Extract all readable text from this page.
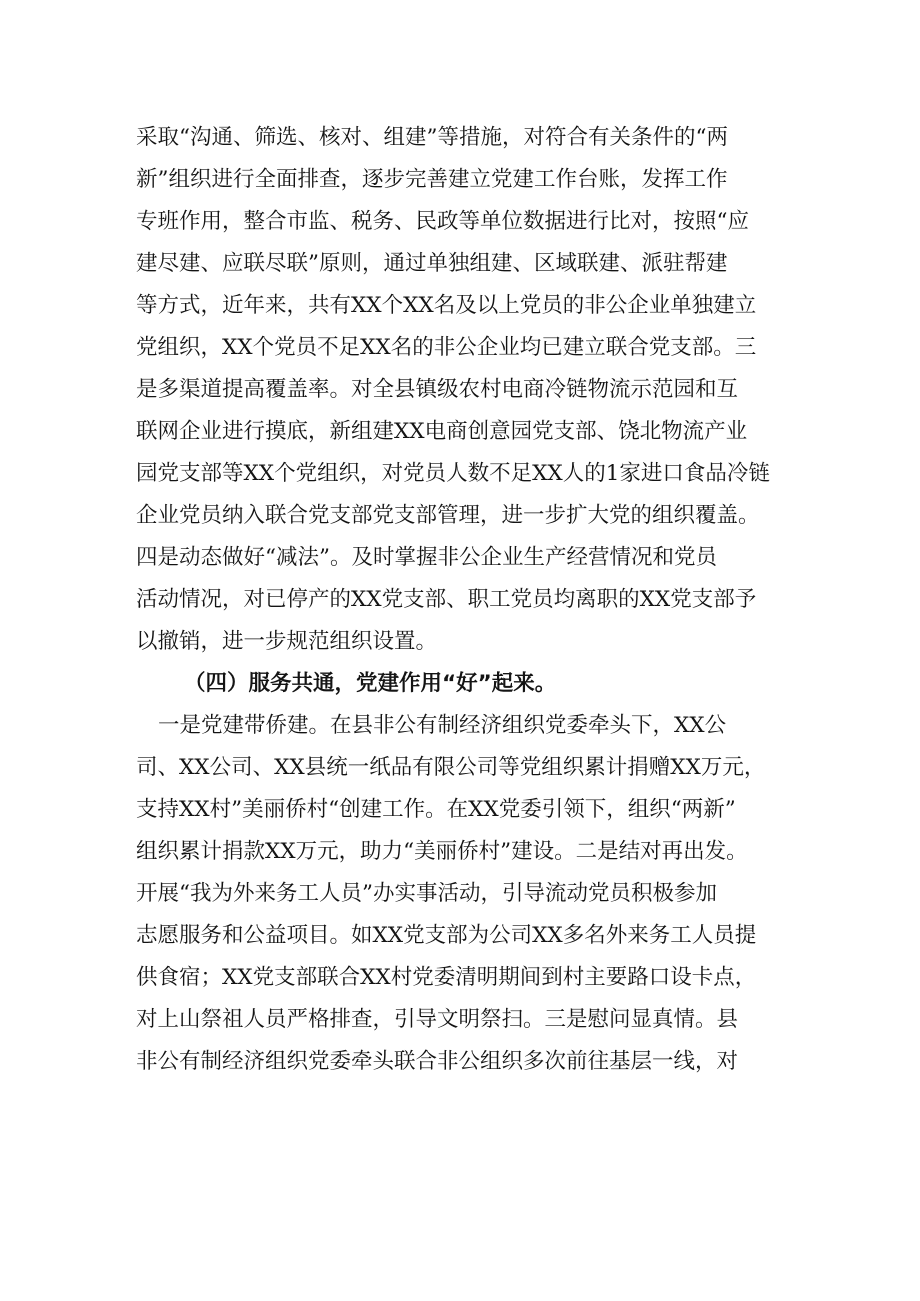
采取“沟通、筛选、核对、组建”等措施，对符合有关条件的“两
新”组织进行全面排查，逐步完善建立党建工作台账，发挥工作
专班作用，整合市监、税务、民政等单位数据进行比对，按照“应
建尽建、应联尽联”原则，通过单独组建、区域联建、派驻帮建
等方式，近年来，共有XX个XX名及以上党员的非公企业单独建立
党组织，XX个党员不足XX名的非公企业均已建立联合党支部。三
是多渠道提高覆盖率。对全县镇级农村电商冷链物流示范园和互
联网企业进行摸底，新组建XX电商创意园党支部、饶北物流产业
园党支部等XX个党组织，对党员人数不足XX人的1家进口食品冷链
企业党员纳入联合党支部党支部管理，进一步扩大党的组织覆盖。
四是动态做好“减法”。及时掌握非公企业生产经营情况和党员
活动情况，对已停产的XX党支部、职工党员均离职的XX党支部予
以撤销，进一步规范组织设置。
（四）服务共通，党建作用“好”起来。
一是党建带侨建。在县非公有制经济组织党委牵头下，XX公
司、XX公司、XX县统一纸品有限公司等党组织累计捐赠XX万元，
支持XX村”美丽侨村“创建工作。在XX党委引领下，组织“两新”
组织累计捐款XX万元，助力“美丽侨村”建设。二是结对再出发。
开展“我为外来务工人员”办实事活动，引导流动党员积极参加
志愿服务和公益项目。如XX党支部为公司XX多名外来务工人员提
供食宿；XX党支部联合XX村党委清明期间到村主要路口设卡点，
对上山祭祖人员严格排查，引导文明祭扫。三是慰问显真情。县
非公有制经济组织党委牵头联合非公组织多次前往基层一线，对
